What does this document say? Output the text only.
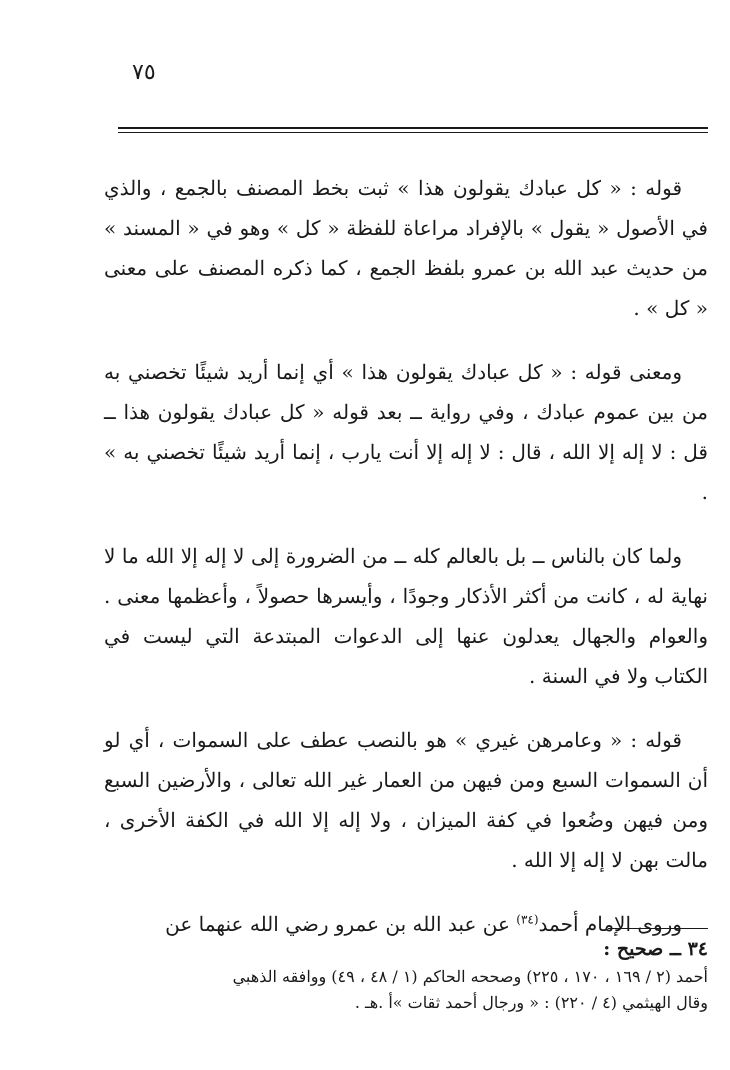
٧٥

قوله : « كل عبادك يقولون هذا » ثبت بخط المصنف بالجمع ، والذي في الأصول « يقول » بالإفراد مراعاة للفظة « كل » وهو في « المسند » من حديث عبد الله بن عمرو بلفظ الجمع ، كما ذكره المصنف على معنى « كل » .

ومعنى قوله : « كل عبادك يقولون هذا » أي إنما أريد شيئًا تخصني به من بين عموم عبادك ، وفي رواية ــ بعد قوله « كل عبادك يقولون هذا ــ قل : لا إله إلا الله ، قال : لا إله إلا أنت يارب ، إنما أريد شيئًا تخصني به » .

ولما كان بالناس ــ بل بالعالم كله ــ من الضرورة إلى لا إله إلا الله ما لا نهاية له ، كانت من أكثر الأذكار وجودًا ، وأيسرها حصولاً ، وأعظمها معنى . والعوام والجهال يعدلون عنها إلى الدعوات المبتدعة التي ليست في الكتاب ولا في السنة .

قوله : « وعامرهن غيري » هو بالنصب عطف على السموات ، أي لو أن السموات السبع ومن فيهن من العمار غير الله تعالى ، والأرضين السبع ومن فيهن وضُعوا في كفة الميزان ، ولا إله إلا الله في الكفة الأخرى ، مالت بهن لا إله إلا الله .

وروى الإمام أحمد$^{(٣٤)}$ عن عبد الله بن عمرو رضي الله عنهما عن

٣٤ ــ صحيح :

أحمد (٢ / ١٦٩ ، ١٧٠ ، ٢٢٥) وصححه الحاكم (١ / ٤٨ ، ٤٩) ووافقه الذهبي

وقال الهيثمي (٤ / ٢٢٠) : « ورجال أحمد ثقات »أ .هـ .
